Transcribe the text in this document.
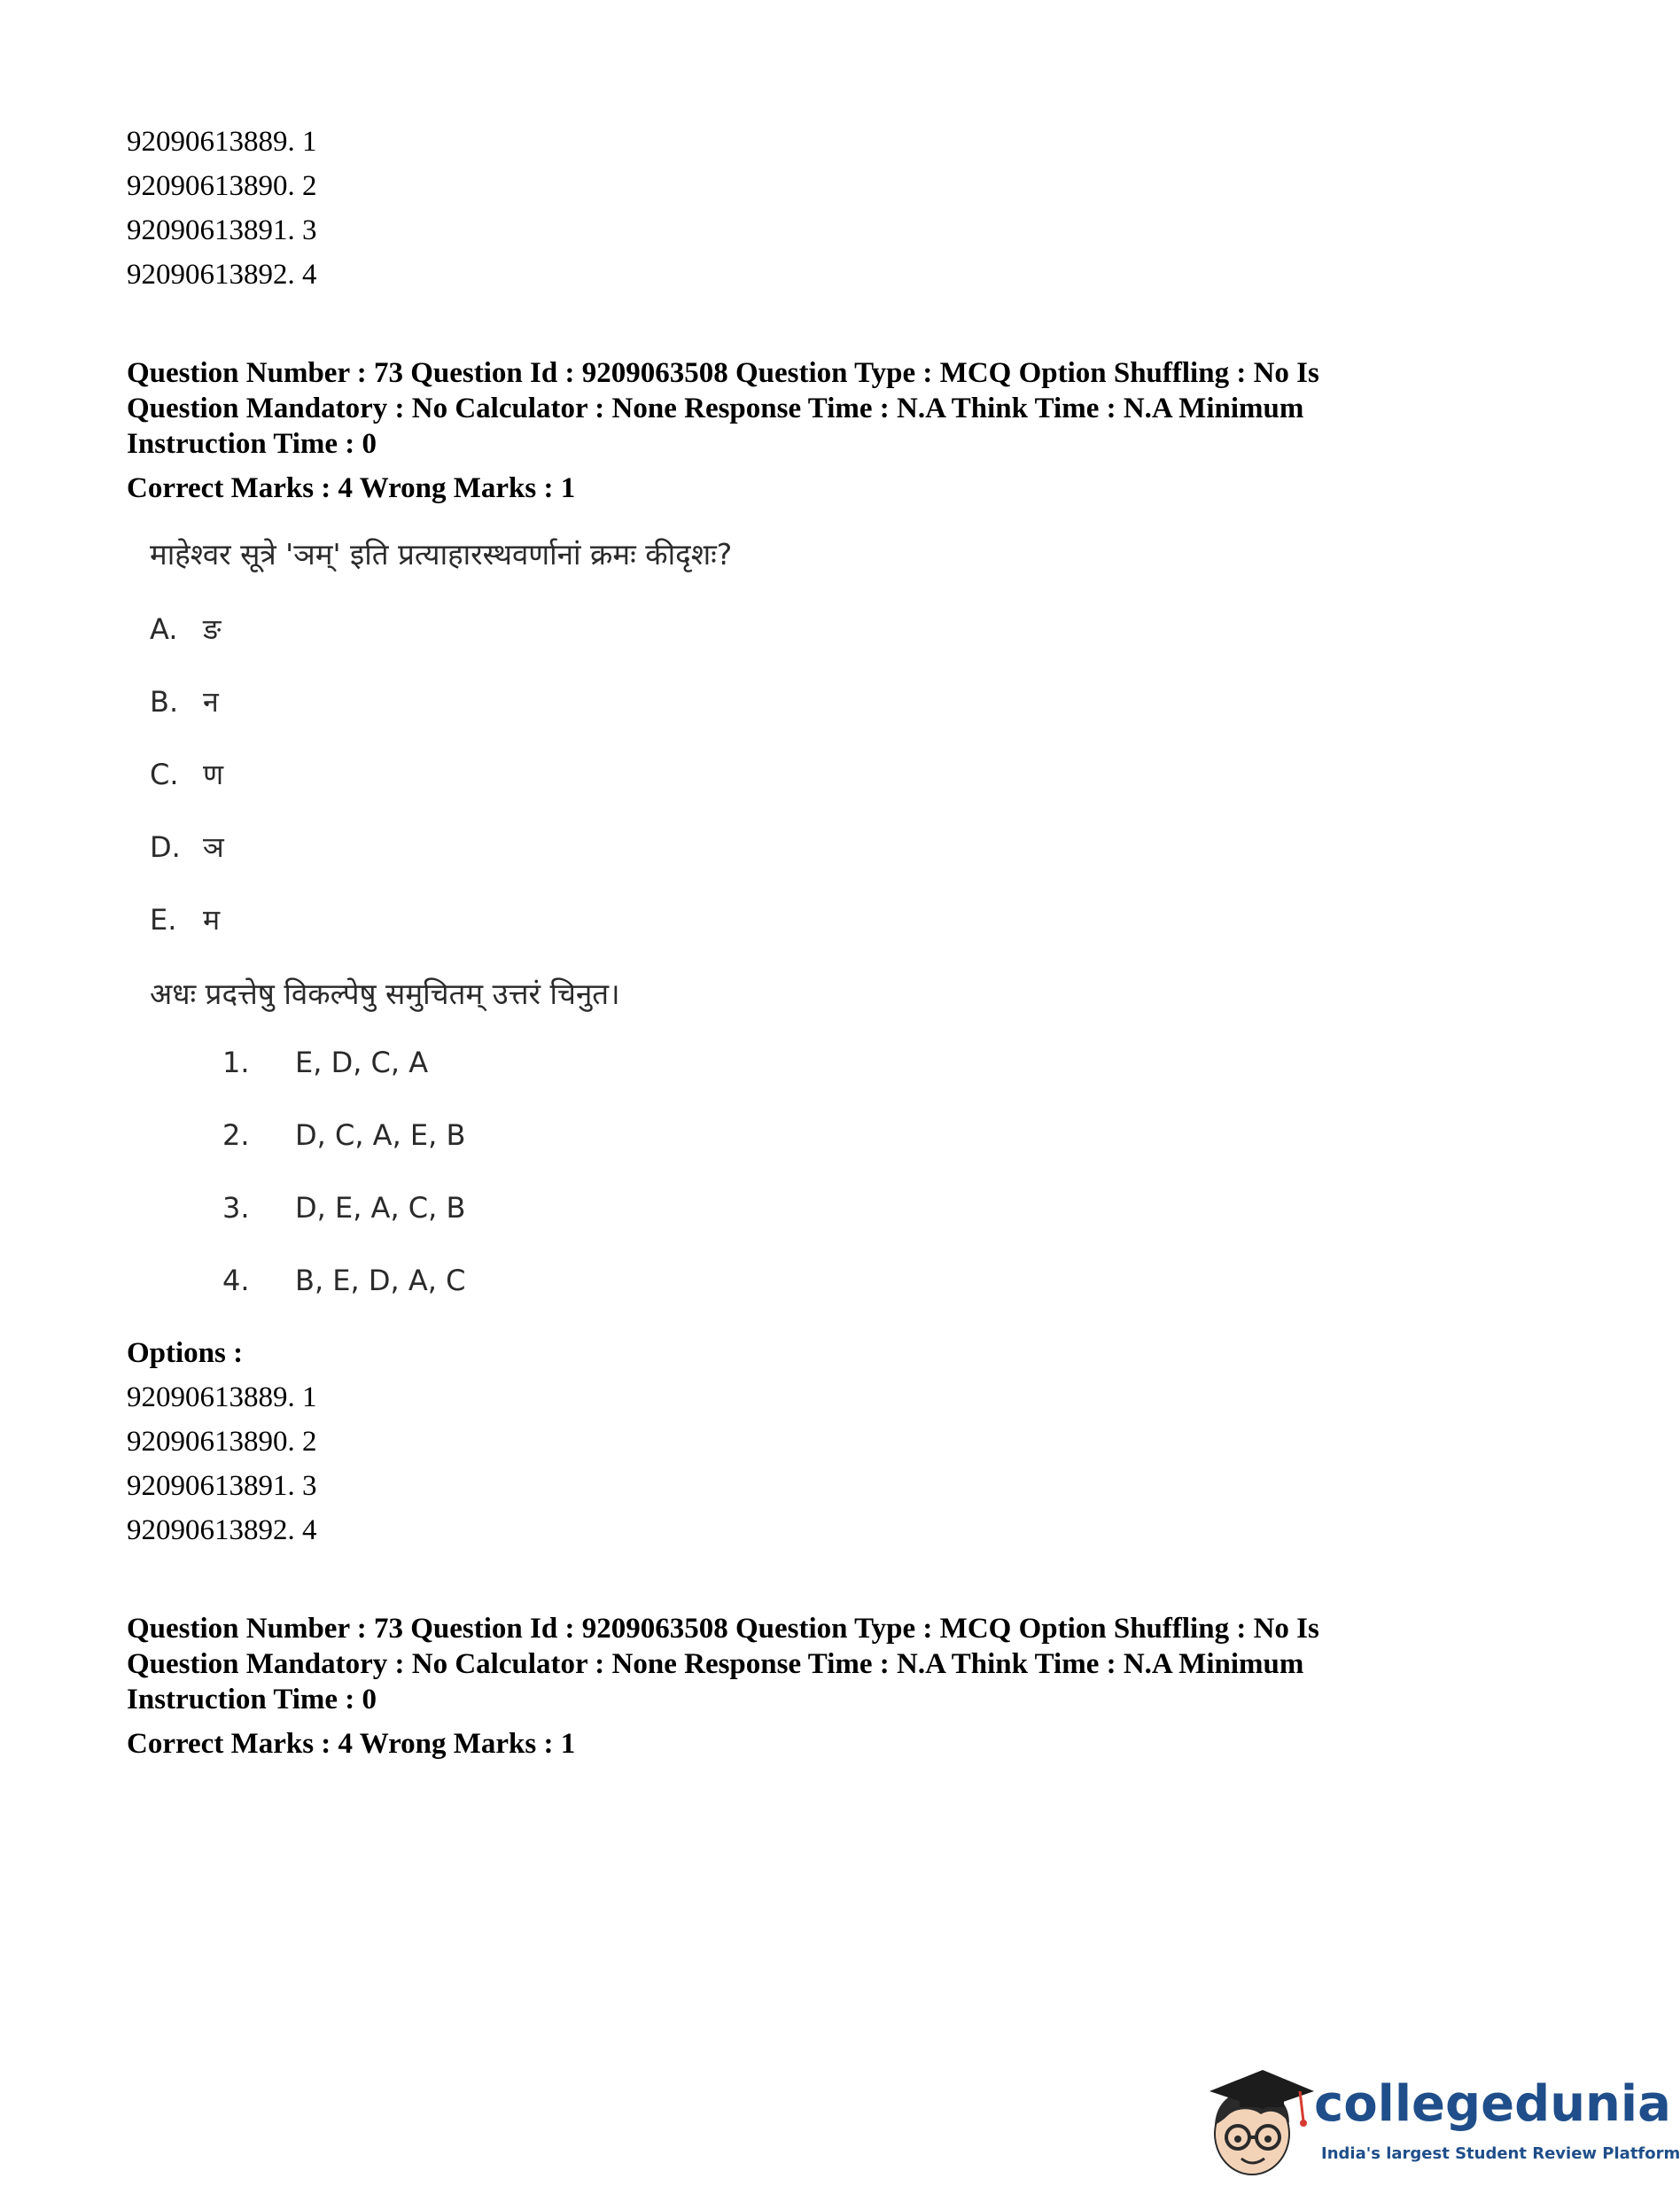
92090613889. 1
92090613890. 2
92090613891. 3
92090613892. 4

Question Number : 73 Question Id : 9209063508 Question Type : MCQ Option Shuffling : No Is

Question Mandatory : No Calculator : None Response Time : N.A Think Time : N.A Minimum

Instruction Time : 0

Correct Marks : 4 Wrong Marks : 1
माहेश्वर सूत्रे 'ञम्' इति प्रत्याहारस्थवर्णानां क्रमः कीदृशः?
A. ङ
B. न
C. ण
D. ञ
E. म
अधः प्रदत्तेषु विकल्पेषु समुचितम् उत्तरं चिनुत।
1. E, D, C, A
2. D, C, A, E, B
3. D, E, A, C, B
4. B, E, D, A, C
Options :
92090613889. 1
92090613890. 2
92090613891. 3
92090613892. 4

Question Number : 73 Question Id : 9209063508 Question Type : MCQ Option Shuffling : No Is

Question Mandatory : No Calculator : None Response Time : N.A Think Time : N.A Minimum

Instruction Time : 0

Correct Marks : 4 Wrong Marks : 1
collegedunia
India's largest Student Review Platform
